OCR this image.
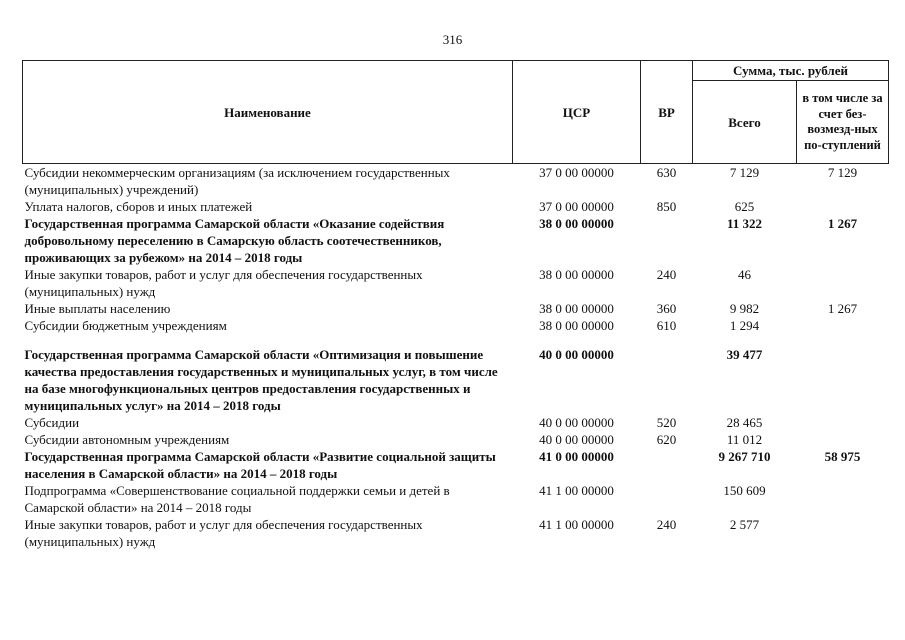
316
Наименование	ЦСР	ВР	Сумма, тыс. рублей	
			Всего	в том числе за счет без-возмезд-ных по-ступлений
Субсидии некоммерческим организациям (за исключением государственных (муниципальных) учреждений)	37 0 00 00000	630	7 129	7 129
Уплата налогов, сборов и иных платежей	37 0 00 00000	850	625	
Государственная программа Самарской области «Оказание содействия добровольному переселению в Самарскую область соотечественников, проживающих за рубежом» на 2014 – 2018 годы	38 0 00 00000		11 322	1 267
Иные закупки товаров, работ и услуг для обеспечения государственных (муниципальных) нужд	38 0 00 00000	240	46	
Иные выплаты населению	38 0 00 00000	360	9 982	1 267
Субсидии бюджетным учреждениям	38 0 00 00000	610	1 294	
Государственная программа Самарской области «Оптимизация и повышение качества предоставления государственных и муниципальных услуг, в том числе на базе многофункциональных центров предоставления государственных и муниципальных услуг» на 2014 – 2018 годы	40 0 00 00000		39 477	
Субсидии	40 0 00 00000	520	28 465	
Субсидии автономным учреждениям	40 0 00 00000	620	11 012	
Государственная программа Самарской области «Развитие социальной защиты населения в Самарской области» на 2014 – 2018 годы	41 0 00 00000		9 267 710	58 975
Подпрограмма «Совершенствование социальной поддержки семьи и детей в Самарской области» на 2014 – 2018 годы	41 1 00 00000		150 609	
Иные закупки товаров, работ и услуг для обеспечения государственных (муниципальных) нужд	41 1 00 00000	240	2 577	
